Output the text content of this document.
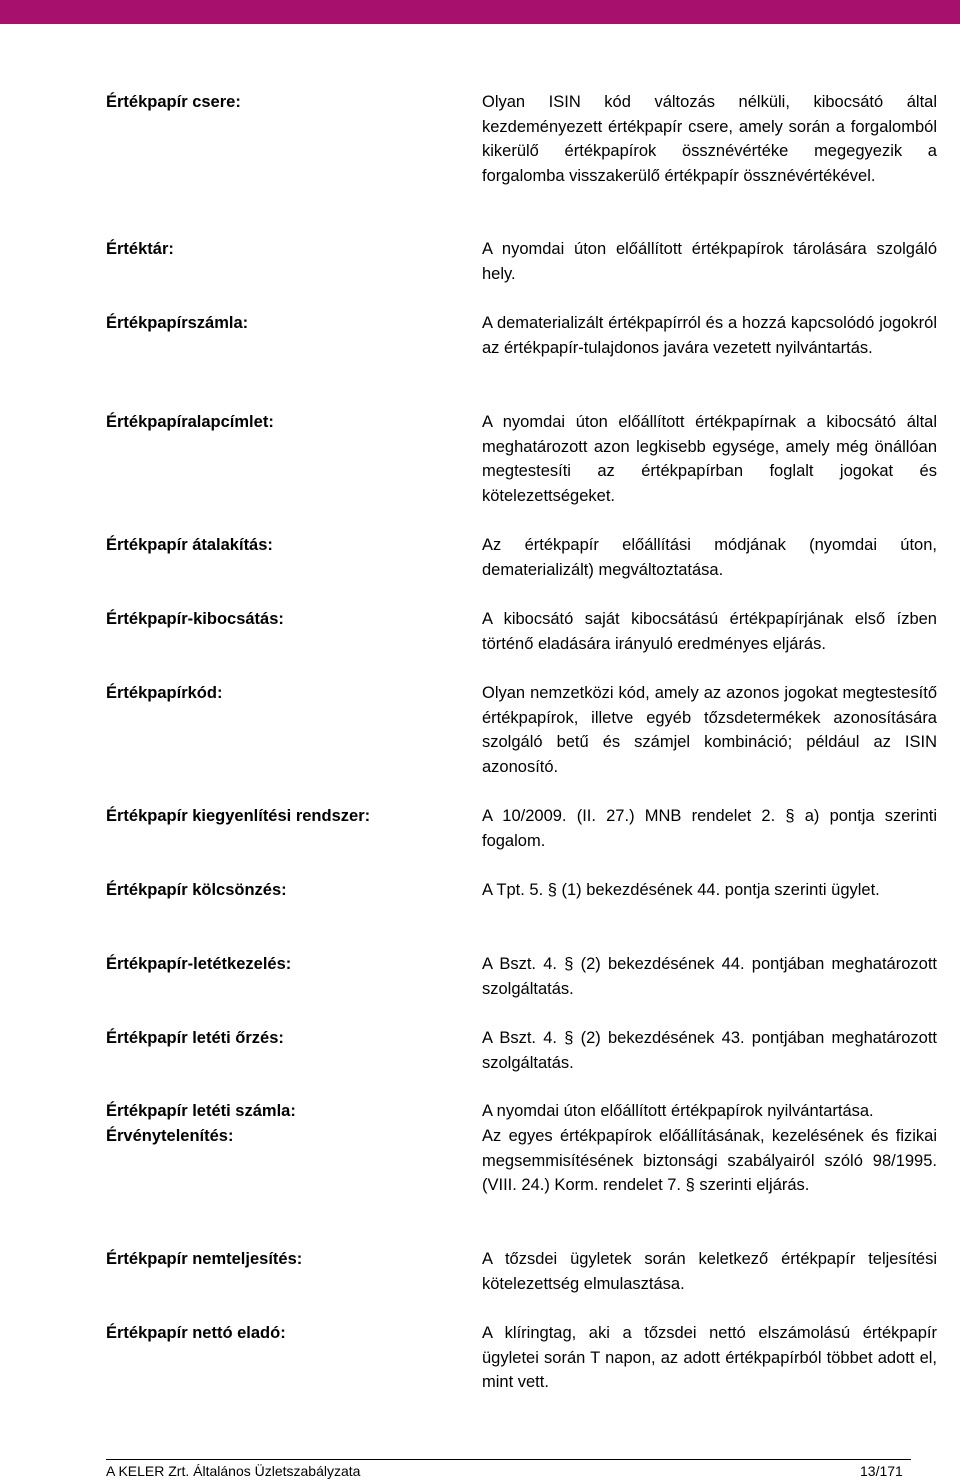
Értékpapír csere:	Olyan ISIN kód változás nélküli, kibocsátó által kezdeményezett értékpapír csere, amely során a forgalomból kikerülő értékpapírok össznévértéke megegyezik a forgalomba visszakerülő értékpapír össznévértékével.
Értéktár:	A nyomdai úton előállított értékpapírok tárolására szolgáló hely.
Értékpapírszámla:	A dematerializált értékpapírról és a hozzá kapcsolódó jogokról az értékpapír-tulajdonos javára vezetett nyilvántartás.
Értékpapíralapcímlet:	A nyomdai úton előállított értékpapírnak a kibocsátó által meghatározott azon legkisebb egysége, amely még önállóan megtestesíti az értékpapírban foglalt jogokat és kötelezettségeket.
Értékpapír átalakítás:	Az értékpapír előállítási módjának (nyomdai úton, dematerializált) megváltoztatása.
Értékpapír-kibocsátás:	A kibocsátó saját kibocsátású értékpapírjának első ízben történő eladására irányuló eredményes eljárás.
Értékpapírkód:	Olyan nemzetközi kód, amely az azonos jogokat megtestesítő értékpapírok, illetve egyéb tőzsdetermékek azonosítására szolgáló betű és számjel kombináció; például az ISIN azonosító.
Értékpapír kiegyenlítési rendszer:	A 10/2009. (II. 27.) MNB rendelet 2. § a) pontja szerinti fogalom.
Értékpapír kölcsönzés:	A Tpt. 5. § (1) bekezdésének 44. pontja szerinti ügylet.
Értékpapír-letétkezelés:	A Bszt. 4. § (2) bekezdésének 44. pontjában meghatározott szolgáltatás.
Értékpapír letéti őrzés:	A Bszt. 4. § (2) bekezdésének 43. pontjában meghatározott szolgáltatás.
Értékpapír letéti számla:	A nyomdai úton előállított értékpapírok nyilvántartása.
Érvénytelenítés:	Az egyes értékpapírok előállításának, kezelésének és fizikai megsemmisítésének biztonsági szabályairól szóló 98/1995. (VIII. 24.) Korm. rendelet 7. § szerinti eljárás.
Értékpapír nemteljesítés:	A tőzsdei ügyletek során keletkező értékpapír teljesítési kötelezettség elmulasztása.
Értékpapír nettó eladó:	A klíringtag, aki a tőzsdei nettó elszámolású értékpapír ügyletei során T napon, az adott értékpapírból többet adott el, mint vett.
A KELER Zrt. Általános Üzletszabályzata	13/171
